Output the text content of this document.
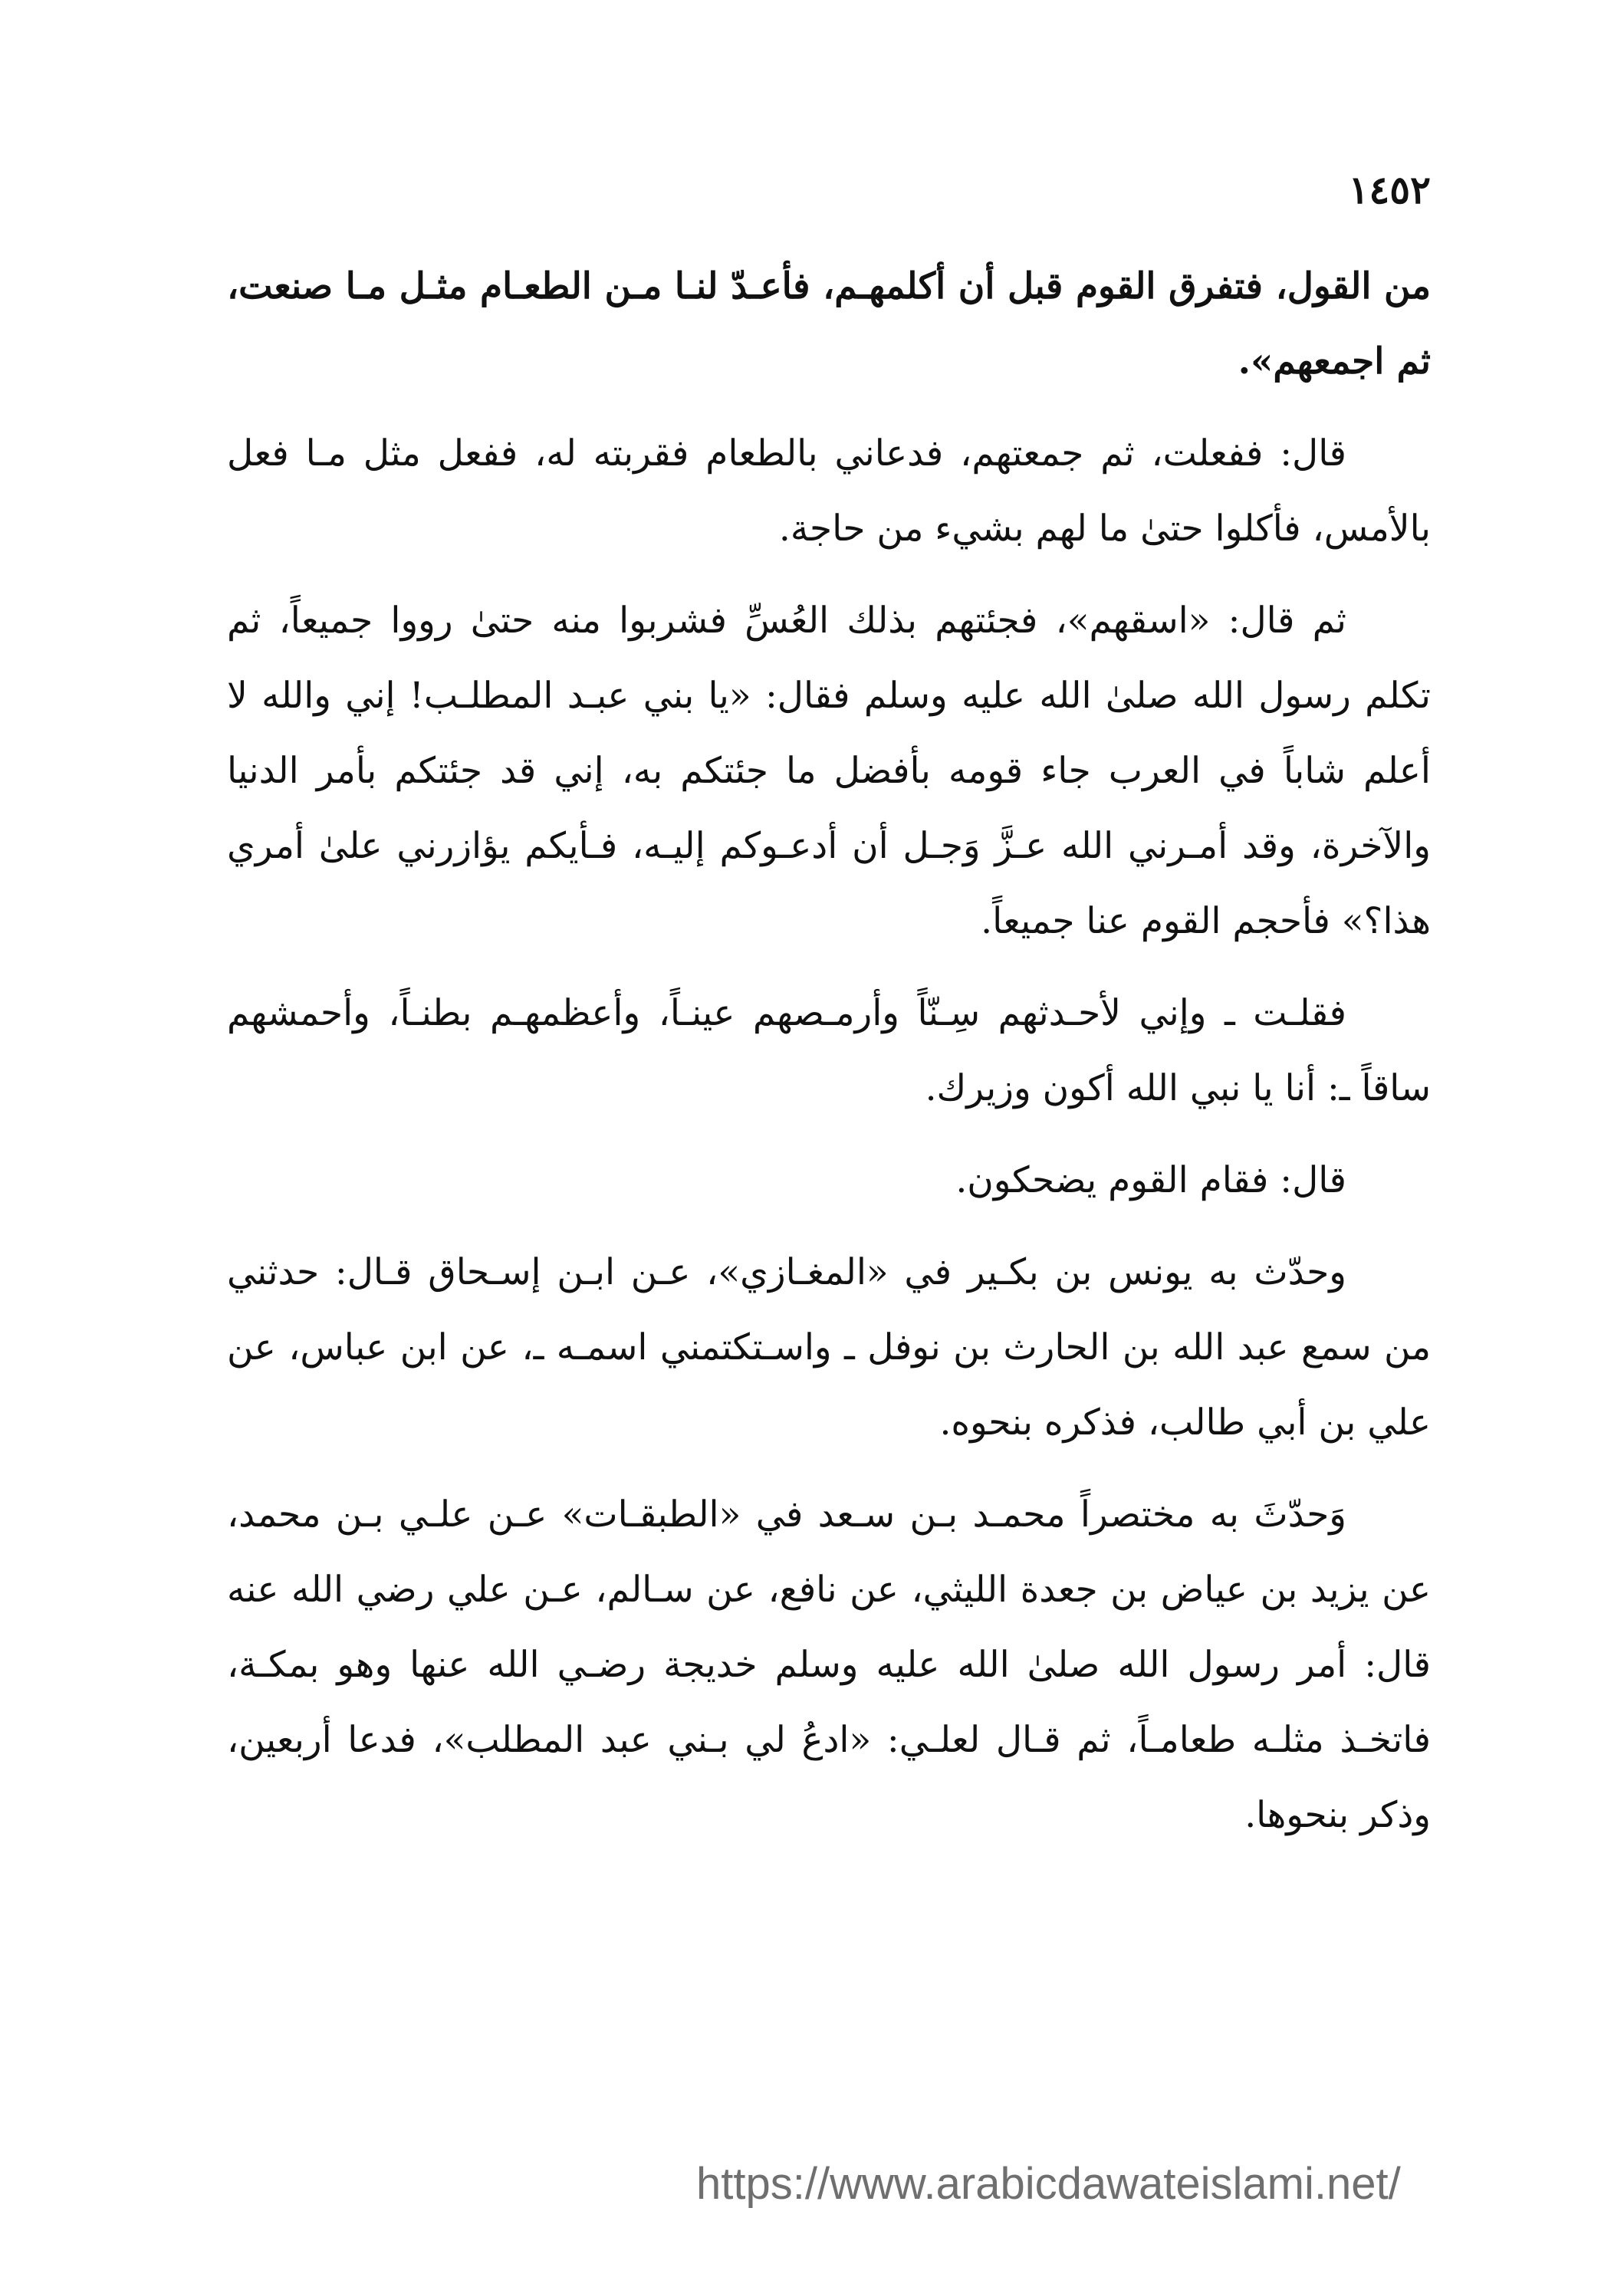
١٤٥٢

من القول، فتفرق القوم قبل أن أكلمهـم، فأعـدّ لنـا مـن الطعـام مثـل مـا صنعت، ثم اجمعهم».

قال: ففعلت، ثم جمعتهم، فدعاني بالطعام فقربته له، ففعل مثل مـا فعل بالأمس، فأكلوا حتىٰ ما لهم بشيء من حاجة.

ثم قال: «اسقهم»، فجئتهم بذلك العُسِّ فشربوا منه حتىٰ رووا جميعاً، ثم تكلم رسول الله صلىٰ الله عليه وسلم فقال: «يا بني عبـد المطلـب! إني والله لا أعلم شاباً في العرب جاء قومه بأفضل ما جئتكم به، إني قد جئتكم بأمر الدنيا والآخرة، وقد أمـرني الله عـزَّ وَجـل أن أدعـوكم إليـه، فـأيكم يؤازرني علىٰ أمري هذا؟» فأحجم القوم عنا جميعاً.

فقلـت ـ وإني لأحـدثهم سِـنّاً وأرمـصهم عينـاً، وأعظمهـم بطنـاً، وأحمشهم ساقاً ـ: أنا يا نبي الله أكون وزيرك.

قال: فقام القوم يضحكون.

وحدّث به يونس بن بكـير في «المغـازي»، عـن ابـن إسـحاق قـال: حدثني من سمع عبد الله بن الحارث بن نوفل ـ واسـتكتمني اسمـه ـ، عن ابن عباس، عن علي بن أبي طالب، فذكره بنحوه.

وَحدّثَ به مختصراً محمـد بـن سـعد في «الطبقـات» عـن علـي بـن محمد، عن يزيد بن عياض بن جعدة الليثي، عن نافع، عن سـالم، عـن علي رضي الله عنه قال: أمر رسول الله صلىٰ الله عليه وسلم خديجة رضـي الله عنها وهو بمكـة، فاتخـذ مثلـه طعامـاً، ثم قـال لعلـي: «ادعُ لي بـني عبد المطلب»، فدعا أربعين، وذكر بنحوها.

https://www.arabicdawateislami.net/
